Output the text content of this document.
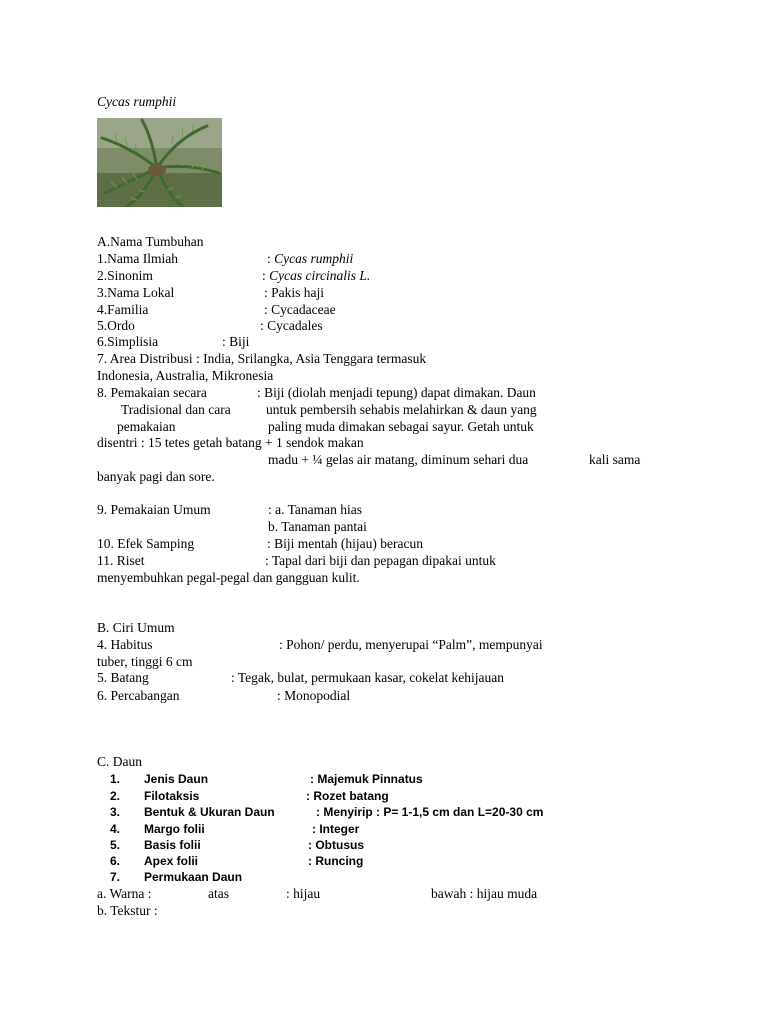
Cycas rumphii
A.Nama Tumbuhan
1.Nama Ilmiah	: Cycas rumphii
2.Sinonim	: Cycas circinalis L.
3.Nama Lokal	: Pakis haji
4.Familia	: Cycadaceae
5.Ordo	: Cycadales
6.Simplisia	: Biji
7. Area Distribusi : India, Srilangka, Asia Tenggara termasuk
Indonesia, Australia, Mikronesia
8. Pemakaian secara	: Biji (diolah menjadi tepung) dapat dimakan. Daun
Tradisional dan cara	untuk pembersih sehabis melahirkan & daun yang
pemakaian	paling muda dimakan sebagai sayur. Getah untuk
disentri : 15 tetes getah batang + 1 sendok makan
madu + ¼ gelas air matang, diminum sehari dua	kali sama
banyak pagi dan sore.
9. Pemakaian Umum	: a. Tanaman hias
b. Tanaman pantai
10. Efek Samping	: Biji mentah (hijau) beracun
11. Riset	: Tapal dari biji dan pepagan dipakai untuk
menyembuhkan pegal-pegal dan gangguan kulit.
B. Ciri Umum
4. Habitus	: Pohon/ perdu, menyerupai “Palm”, mempunyai
tuber, tinggi 6 cm
5. Batang	: Tegak, bulat, permukaan kasar, cokelat kehijauan
6. Percabangan	: Monopodial
C. Daun
1. Jenis Daun	: Majemuk Pinnatus
2. Filotaksis	: Rozet batang
3. Bentuk & Ukuran Daun	: Menyirip : P= 1-1,5 cm dan L=20-30 cm
4. Margo folii	: Integer
5. Basis folii	: Obtusus
6. Apex folii	: Runcing
7. Permukaan Daun
a. Warna :	atas	: hijau	bawah : hijau muda
b. Tekstur :
